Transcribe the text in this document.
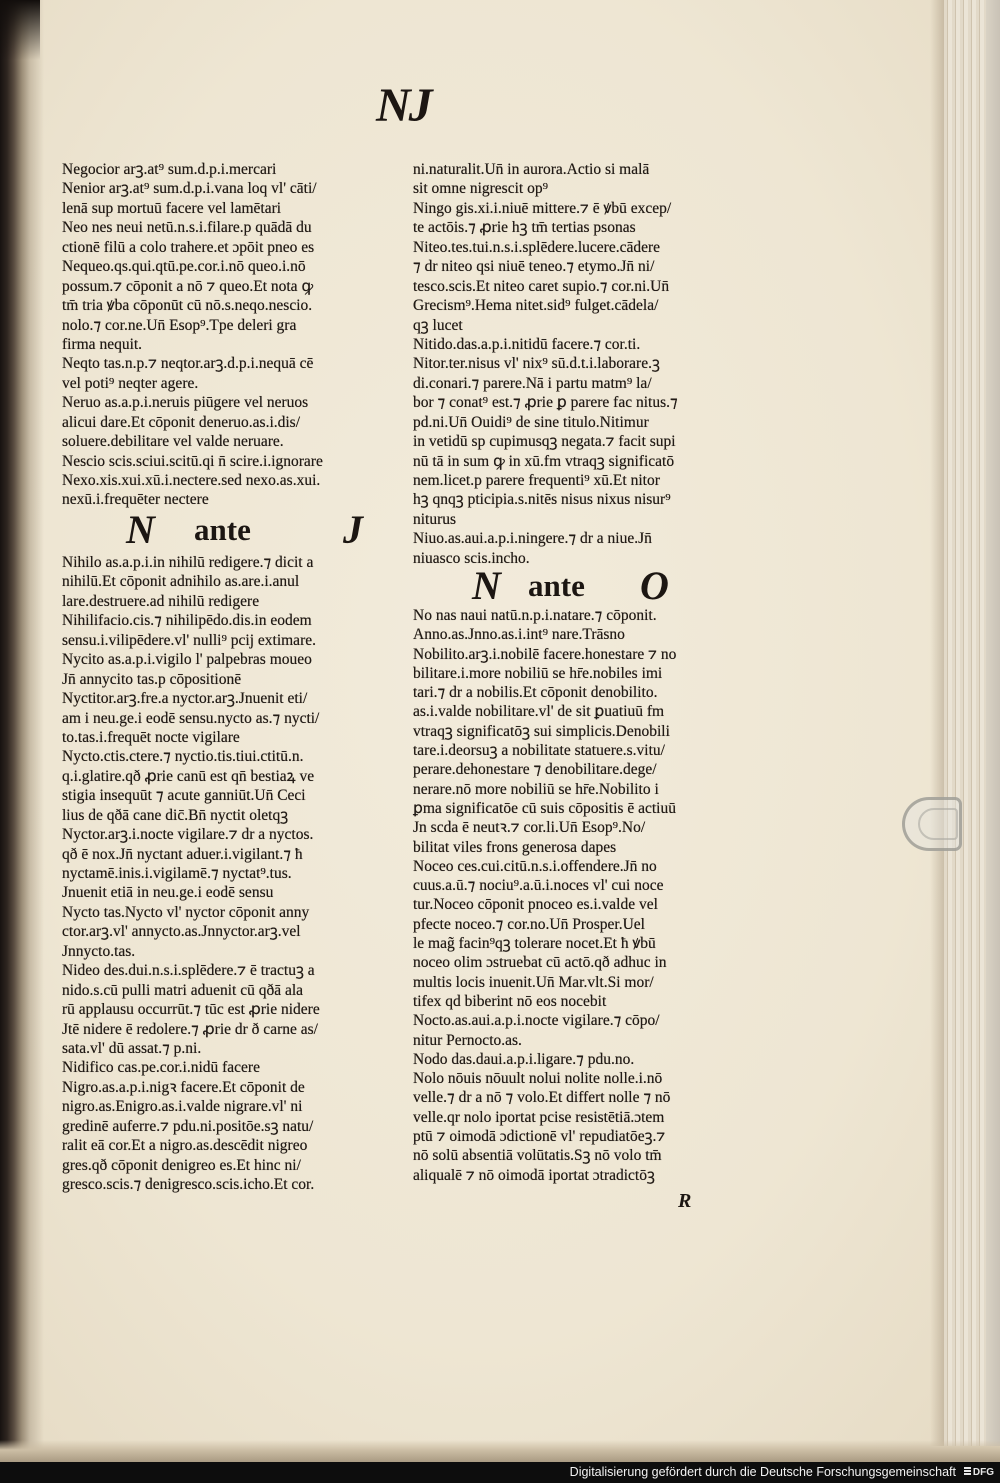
NJ
Negocior arꝫ.at⁹ sum.d.p.i.mercari
Nenior arꝫ.at⁹ sum.d.p.i.vana loq vl' cāti/
lenā sup mortuū facere vel lamētari
Neo nes neui netū.n.s.i.filare.p quādā du
ctionē filū a colo trahere.et ɔpōit pneo es
Nequeo.qs.qui.qtū.pe.cor.i.nō queo.i.nō
possum.⁊ cōponit a nō ⁊ queo.Et nota ꝙ
tm̄ tria ꝟba cōponūt cū nō.s.neqo.nescio.
nolo.⁊ cor.ne.Un̄ Esop⁹.Tpe deleri gra
firma nequit.
Neqto tas.n.p.⁊ neqtor.arꝫ.d.p.i.nequā cē
vel poti⁹ neqter agere.
Neruo as.a.p.i.neruis piūgere vel neruos
alicui dare.Et cōponit deneruo.as.i.dis/
soluere.debilitare vel valde neruare.
Nescio scis.sciui.scitū.qi n̄ scire.i.ignorare
Nexo.xis.xui.xū.i.nectere.sed nexo.as.xui.
nexū.i.frequēter nectere
N ante J
Nihilo as.a.p.i.in nihilū redigere.⁊ dicit a
nihilū.Et cōponit adnihilo as.are.i.anul
lare.destruere.ad nihilū redigere
Nihilifacio.cis.⁊ nihilipēdo.dis.in eodem
sensu.i.vilipēdere.vl' nulli⁹ pcij extimare.
Nycito as.a.p.i.vigilo l' palpebras moueo
Jn̄ annycito tas.p cōpositionē
Nyctitor.arꝫ.fre.a nyctor.arꝫ.Jnuenit eti/
am i neu.ge.i eodē sensu.nycto as.⁊ nycti/
to.tas.i.frequēt nocte vigilare
Nycto.ctis.ctere.⁊ nyctio.tis.tiui.ctitū.n.
q.i.glatire.qð ꝓrie canū est qn̄ bestiaꝝ ve
stigia insequūt ⁊ acute ganniūt.Un̄ Ceci
lius de qðā cane dic̄.Bn̄ nyctit oletqꝫ
Nyctor.arꝫ.i.nocte vigilare.⁊ dr a nyctos.
qð ē nox.Jn̄ nyctant aduer.i.vigilant.⁊ ħ
nyctamē.inis.i.vigilamē.⁊ nyctat⁹.tus.
Jnuenit etiā in neu.ge.i eodē sensu
Nycto tas.Nycto vl' nyctor cōponit anny
ctor.arꝫ.vl' annycto.as.Jnnyctor.arꝫ.vel
Jnnycto.tas.
Nideo des.dui.n.s.i.splēdere.⁊ ē tractuꝫ a
nido.s.cū pulli matri aduenit cū qðā ala
rū applausu occurrūt.⁊ tūc est ꝓrie nidere
Jtē nidere ē redolere.⁊ ꝓrie dr ð carne as/
sata.vl' dū assat.⁊ p.ni.
Nidifico cas.pe.cor.i.nidū facere
Nigro.as.a.p.i.nigꝛ facere.Et cōponit de
nigro.as.Enigro.as.i.valde nigrare.vl' ni
gredinē auferre.⁊ pdu.ni.positōe.sꝫ natu/
ralit eā cor.Et a nigro.as.descēdit nigreo
gres.qð cōponit denigreo es.Et hinc ni/
gresco.scis.⁊ denigresco.scis.icho.Et cor.
ni.naturalit.Un̄ in aurora.Actio si malā
sit omne nigrescit op⁹
Ningo gis.xi.i.niuē mittere.⁊ ē ꝟbū excep/
te actōis.⁊ ꝓrie hꝫ tm̄ tertias psonas
Niteo.tes.tui.n.s.i.splēdere.lucere.cādere
⁊ dr niteo qsi niuē teneo.⁊ etymo.Jn̄ ni/
tesco.scis.Et niteo caret supio.⁊ cor.ni.Un̄
Grecism⁹.Hema nitet.sid⁹ fulget.cādela/
qꝫ lucet
Nitido.das.a.p.i.nitidū facere.⁊ cor.ti.
Nitor.ter.nisus vl' nix⁹ sū.d.t.i.laborare.ꝫ
di.conari.⁊ parere.Nā i partu matm⁹ la/
bor ⁊ conat⁹ est.⁊ ꝓrie ꝑ parere fac nitus.⁊
pd.ni.Un̄ Ouidi⁹ de sine titulo.Nitimur
in vetidū sp cupimusqꝫ negata.⁊ facit supi
nū tā in sum ꝙ in xū.fm vtraqꝫ significatō
nem.licet.p parere frequenti⁹ xū.Et nitor
hꝫ qnqꝫ pticipia.s.nitēs nisus nixus nisur⁹
niturus
Niuo.as.aui.a.p.i.ningere.⁊ dr a niue.Jn̄
niuasco scis.incho.
N ante O
No nas naui natū.n.p.i.natare.⁊ cōponit.
Anno.as.Jnno.as.i.int⁹ nare.Trāsno
Nobilito.arꝫ.i.nobilē facere.honestare ⁊ no
bilitare.i.more nobiliū se hr̄e.nobiles imi
tari.⁊ dr a nobilis.Et cōponit denobilito.
as.i.valde nobilitare.vl' de sit ꝑuatiuū fm
vtraqꝫ significatōꝫ sui simplicis.Denobili
tare.i.deorsuꝫ a nobilitate statuere.s.vitu/
perare.dehonestare ⁊ denobilitare.dege/
nerare.nō more nobiliū se hr̄e.Nobilito i
ꝑma significatōe cū suis cōpositis ē actiuū
Jn scda ē neutꝛ.⁊ cor.li.Un̄ Esop⁹.No/
bilitat viles frons generosa dapes
Noceo ces.cui.citū.n.s.i.offendere.Jn̄ no
cuus.a.ū.⁊ nociu⁹.a.ū.i.noces vl' cui noce
tur.Noceo cōponit pnoceo es.i.valde vel
pfecte noceo.⁊ cor.no.Un̄ Prosper.Uel
le mag̃ facin⁹qꝫ tolerare nocet.Et ħ ꝟbū
noceo olim ɔstruebat cū actō.qð adhuc in
multis locis inuenit.Un̄ Mar.vlt.Si mor/
tifex qd biberint nō eos nocebit
Nocto.as.aui.a.p.i.nocte vigilare.⁊ cōpo/
nitur Pernocto.as.
Nodo das.daui.a.p.i.ligare.⁊ pdu.no.
Nolo nōuis nōuult nolui nolite nolle.i.nō
velle.⁊ dr a nō ⁊ volo.Et differt nolle ⁊ nō
velle.qr nolo iportat pcise resistētiā.ɔtem
ptū ⁊ oimodā ɔdictionē vl' repudiatōeꝫ.⁊
nō solū absentiā volūtatis.Sꝫ nō volo tm̄
aliqualē ⁊ nō oimodā iportat ɔtradictōꝫ
R
Digitalisierung gefördert durch die Deutsche Forschungsgemeinschaft	DFG
